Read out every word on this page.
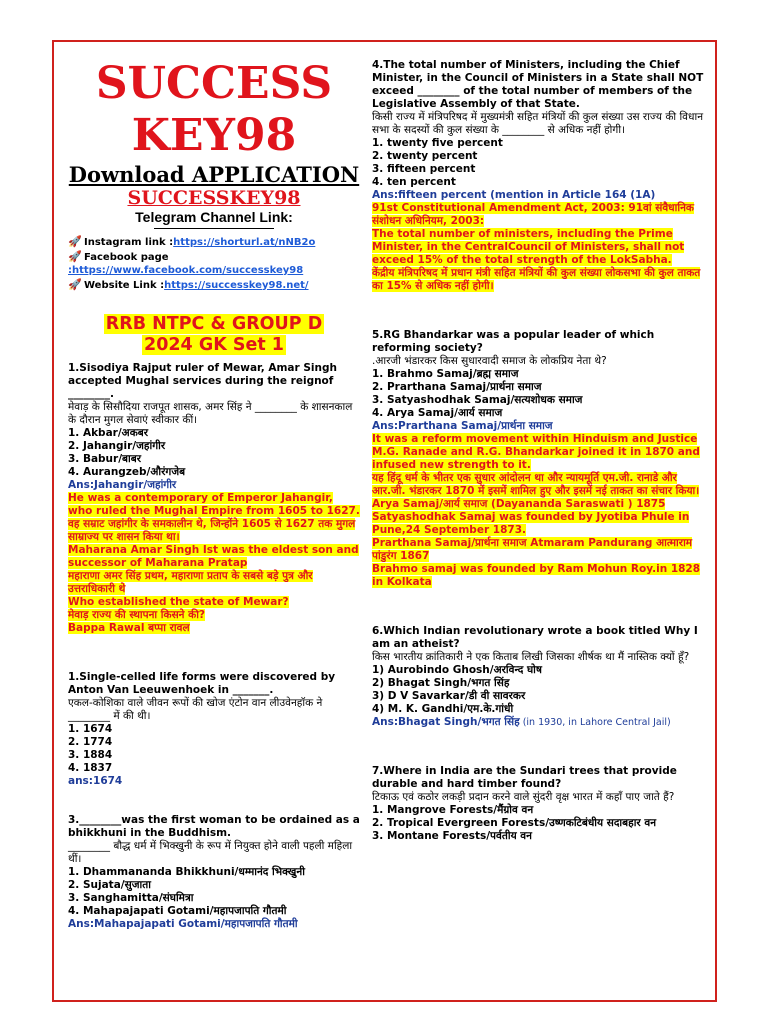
SUCCESS
KEY98
Download APPLICATION
SUCCESSKEY98
Telegram Channel Link:
🚀 Instagram link :https://shorturl.at/nNB2o
🚀 Facebook page
:https://www.facebook.com/successkey98
🚀 Website Link :https://successkey98.net/
RRB NTPC & GROUP D
2024 GK Set 1

1.Sisodiya Rajput ruler of Mewar, Amar Singh accepted Mughal services during the reignof ________.

मेवाड़ के सिसौदिया राजपूत शासक, अमर सिंह ने ________ के शासनकाल के दौरान मुगल सेवाएं स्वीकार कीं।

1. Akbar/अकबर

2. Jahangir/जहांगीर

3. Babur/बाबर

4. Aurangzeb/औरंगजेब

Ans:Jahangir/जहांगीर

He was a contemporary of Emperor Jahangir, who ruled the Mughal Empire from 1605 to 1627.

वह सम्राट जहांगीर के समकालीन थे, जिन्होंने 1605 से 1627 तक मुगल साम्राज्य पर शासन किया था।

Maharana Amar Singh Ist was the eldest son and successor of Maharana Pratap

महाराणा अमर सिंह प्रथम, महाराणा प्रताप के सबसे बड़े पुत्र और उत्तराधिकारी थे

Who established the state of Mewar?

मेवाड़ राज्य की स्थापना किसने की?

Bappa Rawal बप्पा रावल

1.Single-celled life forms were discovered by Anton Van Leeuwenhoek in _______.

एकल-कोशिका वाले जीवन रूपों की खोज एंटोन वान लीउवेनहॉक ने ________ में की थी।

1. 1674

2. 1774

3. 1884

4. 1837

ans:1674

3.________was the first woman to be ordained as a bhikkhuni in the Buddhism.

________ बौद्ध धर्म में भिक्खुनी के रूप में नियुक्त होने वाली पहली महिला थीं।

1. Dhammananda Bhikkhuni/धम्मानंद भिक्खुनी

2. Sujata/सुजाता

3. Sanghamitta/संघमित्रा

4. Mahapajapati Gotami/महापजापति गौतमी

Ans:Mahapajapati Gotami/महापजापति गौतमी

4.The total number of Ministers, including the Chief Minister, in the Council of Ministers in a State shall NOT exceed ________ of the total number of members of the Legislative Assembly of that State.

किसी राज्य में मंत्रिपरिषद में मुख्यमंत्री सहित मंत्रियों की कुल संख्या उस राज्य की विधान सभा के सदस्यों की कुल संख्या के ________ से अधिक नहीं होगी।

1. twenty five percent

2. twenty percent

3. fifteen percent

4. ten percent

Ans:fifteen percent (mention in Article 164 (1A)

91st Constitutional Amendment Act, 2003: 91वां संवैधानिक संशोधन अधिनियम, 2003:

The total number of ministers, including the Prime Minister, in the CentralCouncil of Ministers, shall not exceed 15% of the total strength of the LokSabha.

केंद्रीय मंत्रिपरिषद में प्रधान मंत्री सहित मंत्रियों की कुल संख्या लोकसभा की कुल ताकत का 15% से अधिक नहीं होगी।

5.RG Bhandarkar was a popular leader of which reforming society?

.आरजी भंडारकर किस सुधारवादी समाज के लोकप्रिय नेता थे?

1. Brahmo Samaj/ब्रह्म समाज

2. Prarthana Samaj/प्रार्थना समाज

3. Satyashodhak Samaj/सत्यशोधक समाज

4. Arya Samaj/आर्य समाज

Ans:Prarthana Samaj/प्रार्थना समाज

It was a reform movement within Hinduism and Justice M.G. Ranade and R.G. Bhandarkar joined it in 1870 and infused new strength to it.

यह हिंदू धर्म के भीतर एक सुधार आंदोलन था और न्यायमूर्ति एम.जी. रानाडे और आर.जी. भंडारकर 1870 में इसमें शामिल हुए और इसमें नई ताकत का संचार किया।

Arya Samaj/आर्य समाज (Dayananda Saraswati ) 1875

Satyashodhak Samaj was founded by Jyotiba Phule in Pune,24 September 1873.

Prarthana Samaj/प्रार्थना समाज Atmaram Pandurang आत्माराम पांडुरंग 1867

Brahmo samaj was founded by Ram Mohun Roy.in 1828 in Kolkata

6.Which Indian revolutionary wrote a book titled Why I am an atheist?

किस भारतीय क्रांतिकारी ने एक किताब लिखी जिसका शीर्षक था मैं नास्तिक क्यों हूँ?

1) Aurobindo Ghosh/अरविन्द घोष

2) Bhagat Singh/भगत सिंह

3) D V Savarkar/डी वी सावरकर

4) M. K. Gandhi/एम.के.गांधी

Ans:Bhagat Singh/भगत सिंह (in 1930, in Lahore Central Jail)

7.Where in India are the Sundari trees that provide durable and hard timber found?

टिकाऊ एवं कठोर लकड़ी प्रदान करने वाले सुंदरी वृक्ष भारत में कहाँ पाए जाते हैं?

1. Mangrove Forests/मैंग्रोव वन

2. Tropical Evergreen Forests/उष्णकटिबंधीय सदाबहार वन

3. Montane Forests/पर्वतीय वन
